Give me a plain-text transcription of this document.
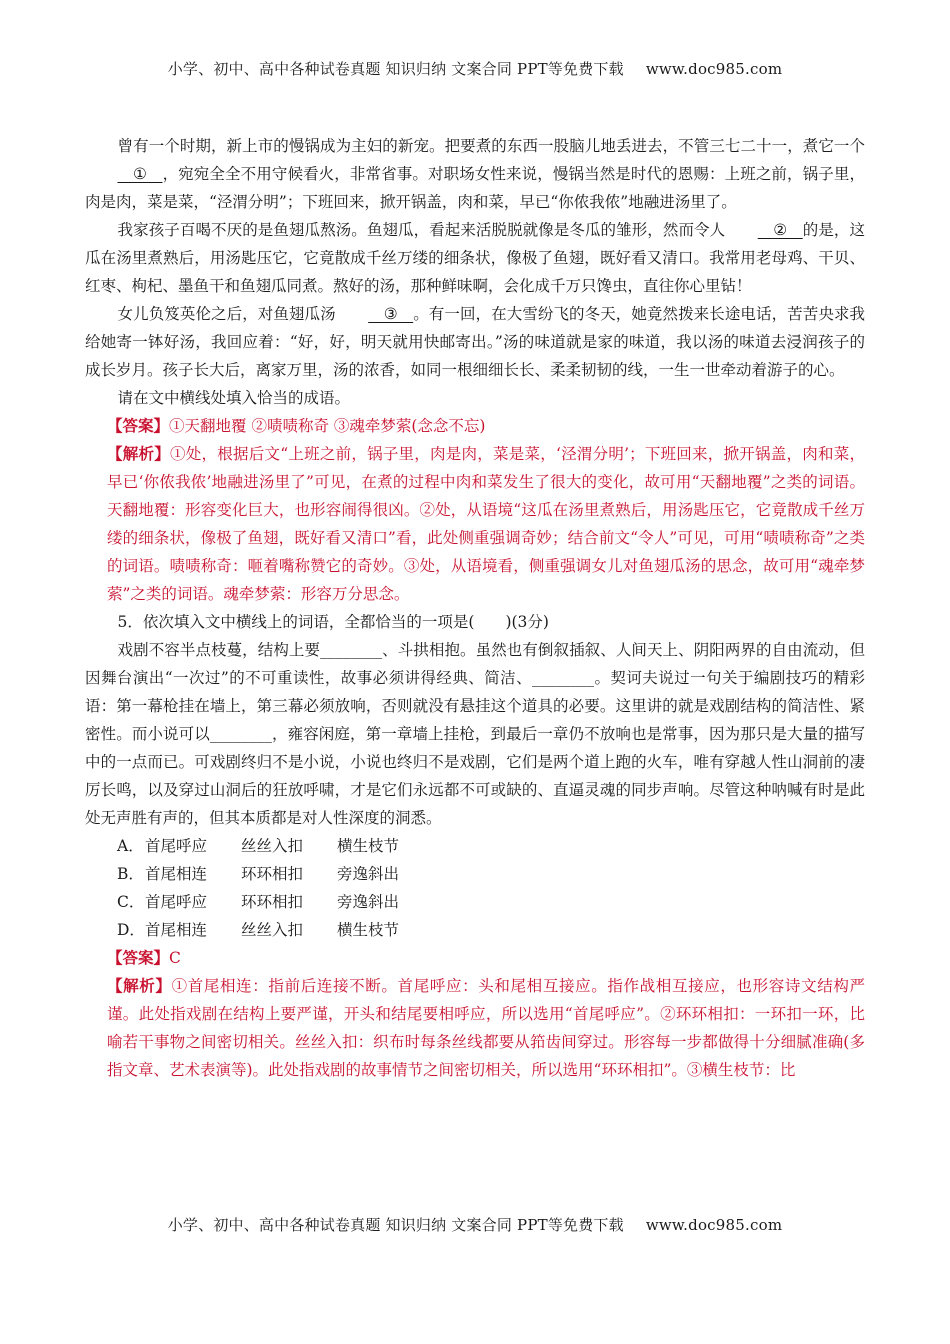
小学、初中、高中各种试卷真题 知识归纳 文案合同 PPT等免费下载 www.doc985.com

曾有一个时期，新上市的慢锅成为主妇的新宠。把要煮的东西一股脑儿地丢进去，不管三七二十一，煮它一个__①__，宛宛全全不用守候看火，非常省事。对职场女性来说，慢锅当然是时代的恩赐：上班之前，锅子里，肉是肉，菜是菜，“泾渭分明”；下班回来，掀开锅盖，肉和菜，早已“你侬我侬”地融进汤里了。

我家孩子百喝不厌的是鱼翅瓜熬汤。鱼翅瓜，看起来活脱脱就像是冬瓜的雏形，然而令人 __②__的是，这瓜在汤里煮熟后，用汤匙压它，它竟散成千丝万缕的细条状，像极了鱼翅，既好看又清口。我常用老母鸡、干贝、红枣、枸杞、墨鱼干和鱼翅瓜同煮。熬好的汤，那种鲜味啊，会化成千万只馋虫，直往你心里钻！

女儿负笈英伦之后，对鱼翅瓜汤 __③__。有一回，在大雪纷飞的冬天，她竟然拨来长途电话，苦苦央求我给她寄一钵好汤，我回应着：“好，好，明天就用快邮寄出。”汤的味道就是家的味道，我以汤的味道去浸润孩子的成长岁月。孩子长大后，离家万里，汤的浓香，如同一根细细长长、柔柔韧韧的线，一生一世牵动着游子的心。

请在文中横线处填入恰当的成语。

【答案】①天翻地覆 ②啧啧称奇 ③魂牵梦萦(念念不忘)

【解析】①处，根据后文“上班之前，锅子里，肉是肉，菜是菜，‘泾渭分明’；下班回来，掀开锅盖，肉和菜，早已‘你侬我侬’地融进汤里了”可见，在煮的过程中肉和菜发生了很大的变化，故可用“天翻地覆”之类的词语。天翻地覆：形容变化巨大，也形容闹得很凶。②处，从语境“这瓜在汤里煮熟后，用汤匙压它，它竟散成千丝万缕的细条状，像极了鱼翅，既好看又清口”看，此处侧重强调奇妙；结合前文“令人”可见，可用“啧啧称奇”之类的词语。啧啧称奇：咂着嘴称赞它的奇妙。③处，从语境看，侧重强调女儿对鱼翅瓜汤的思念，故可用“魂牵梦萦”之类的词语。魂牵梦萦：形容万分思念。

5．依次填入文中横线上的词语，全都恰当的一项是(　　)(3分)

戏剧不容半点枝蔓，结构上要________、斗拱相抱。虽然也有倒叙插叙、人间天上、阴阳两界的自由流动，但因舞台演出“一次过”的不可重读性，故事必须讲得经典、简洁、________。契诃夫说过一句关于编剧技巧的精彩语：第一幕枪挂在墙上，第三幕必须放响，否则就没有悬挂这个道具的必要。这里讲的就是戏剧结构的简洁性、紧密性。而小说可以________，雍容闲庭，第一章墙上挂枪，到最后一章仍不放响也是常事，因为那只是大量的描写中的一点而已。可戏剧终归不是小说，小说也终归不是戏剧，它们是两个道上跑的火车，唯有穿越人性山洞前的凄厉长鸣，以及穿过山洞后的狂放呼啸，才是它们永远都不可或缺的、直逼灵魂的同步声响。尽管这种呐喊有时是此处无声胜有声的，但其本质都是对人性深度的洞悉。

A．首尾呼应 丝丝入扣 横生枝节
B．首尾相连 环环相扣 旁逸斜出
C．首尾呼应 环环相扣 旁逸斜出
D．首尾相连 丝丝入扣 横生枝节

【答案】C

【解析】①首尾相连：指前后连接不断。首尾呼应：头和尾相互接应。指作战相互接应，也形容诗文结构严谨。此处指戏剧在结构上要严谨，开头和结尾要相呼应，所以选用“首尾呼应”。②环环相扣：一环扣一环，比喻若干事物之间密切相关。丝丝入扣：织布时每条丝线都要从筘齿间穿过。形容每一步都做得十分细腻准确(多指文章、艺术表演等)。此处指戏剧的故事情节之间密切相关，所以选用“环环相扣”。③横生枝节：比

小学、初中、高中各种试卷真题 知识归纳 文案合同 PPT等免费下载 www.doc985.com
